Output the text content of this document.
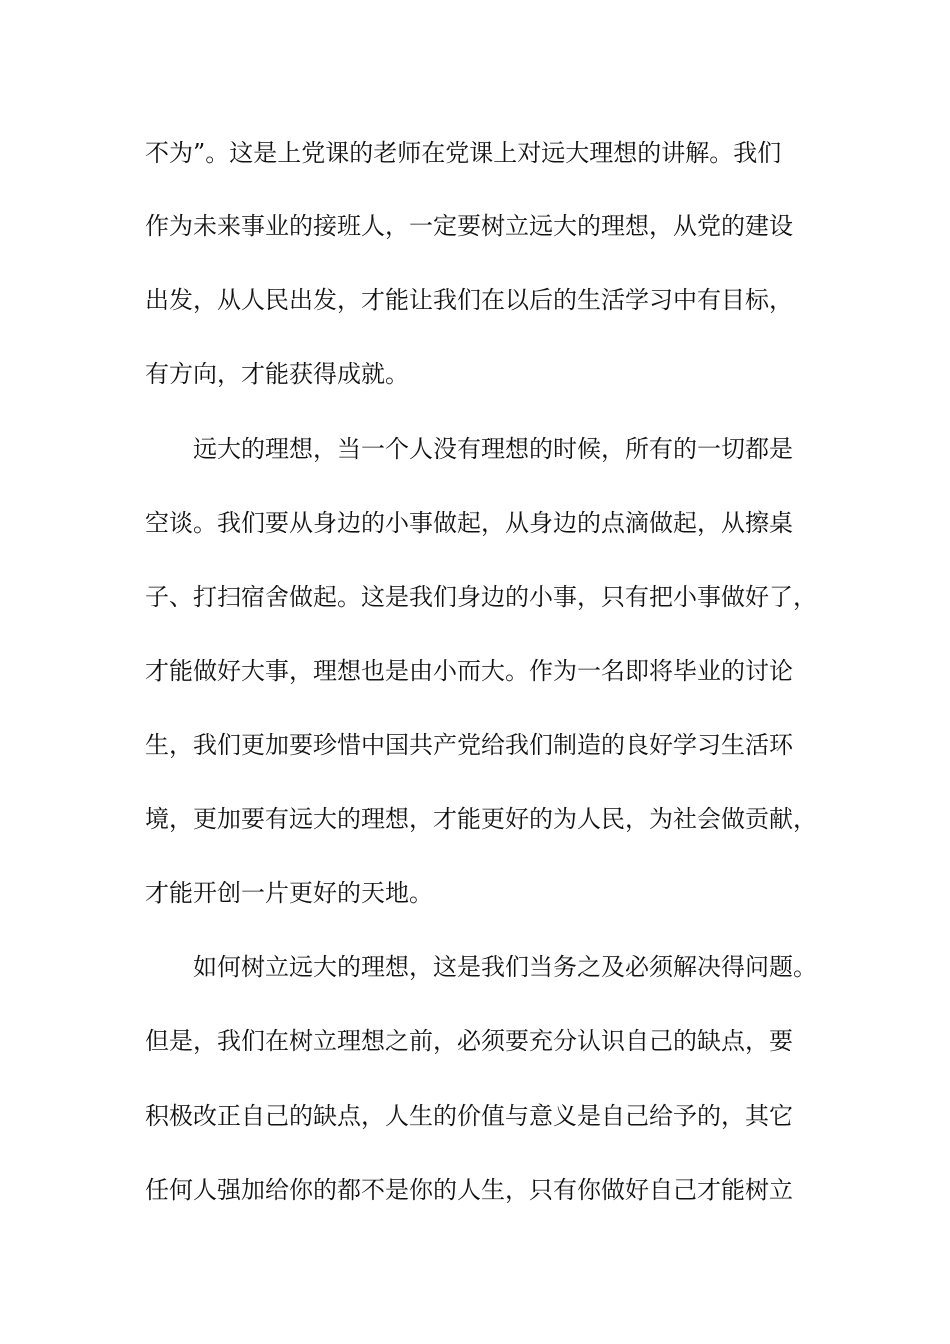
不为”。这是上党课的老师在党课上对远大理想的讲解。我们
作为未来事业的接班人，一定要树立远大的理想，从党的建设
出发，从人民出发，才能让我们在以后的生活学习中有目标，
有方向，才能获得成就。
远大的理想，当一个人没有理想的时候，所有的一切都是
空谈。我们要从身边的小事做起，从身边的点滴做起，从擦桌
子、打扫宿舍做起。这是我们身边的小事，只有把小事做好了，
才能做好大事，理想也是由小而大。作为一名即将毕业的讨论
生，我们更加要珍惜中国共产党给我们制造的良好学习生活环
境，更加要有远大的理想，才能更好的为人民，为社会做贡献，
才能开创一片更好的天地。
如何树立远大的理想，这是我们当务之及必须解决得问题。
但是，我们在树立理想之前，必须要充分认识自己的缺点，要
积极改正自己的缺点，人生的价值与意义是自己给予的，其它
任何人强加给你的都不是你的人生，只有你做好自己才能树立
